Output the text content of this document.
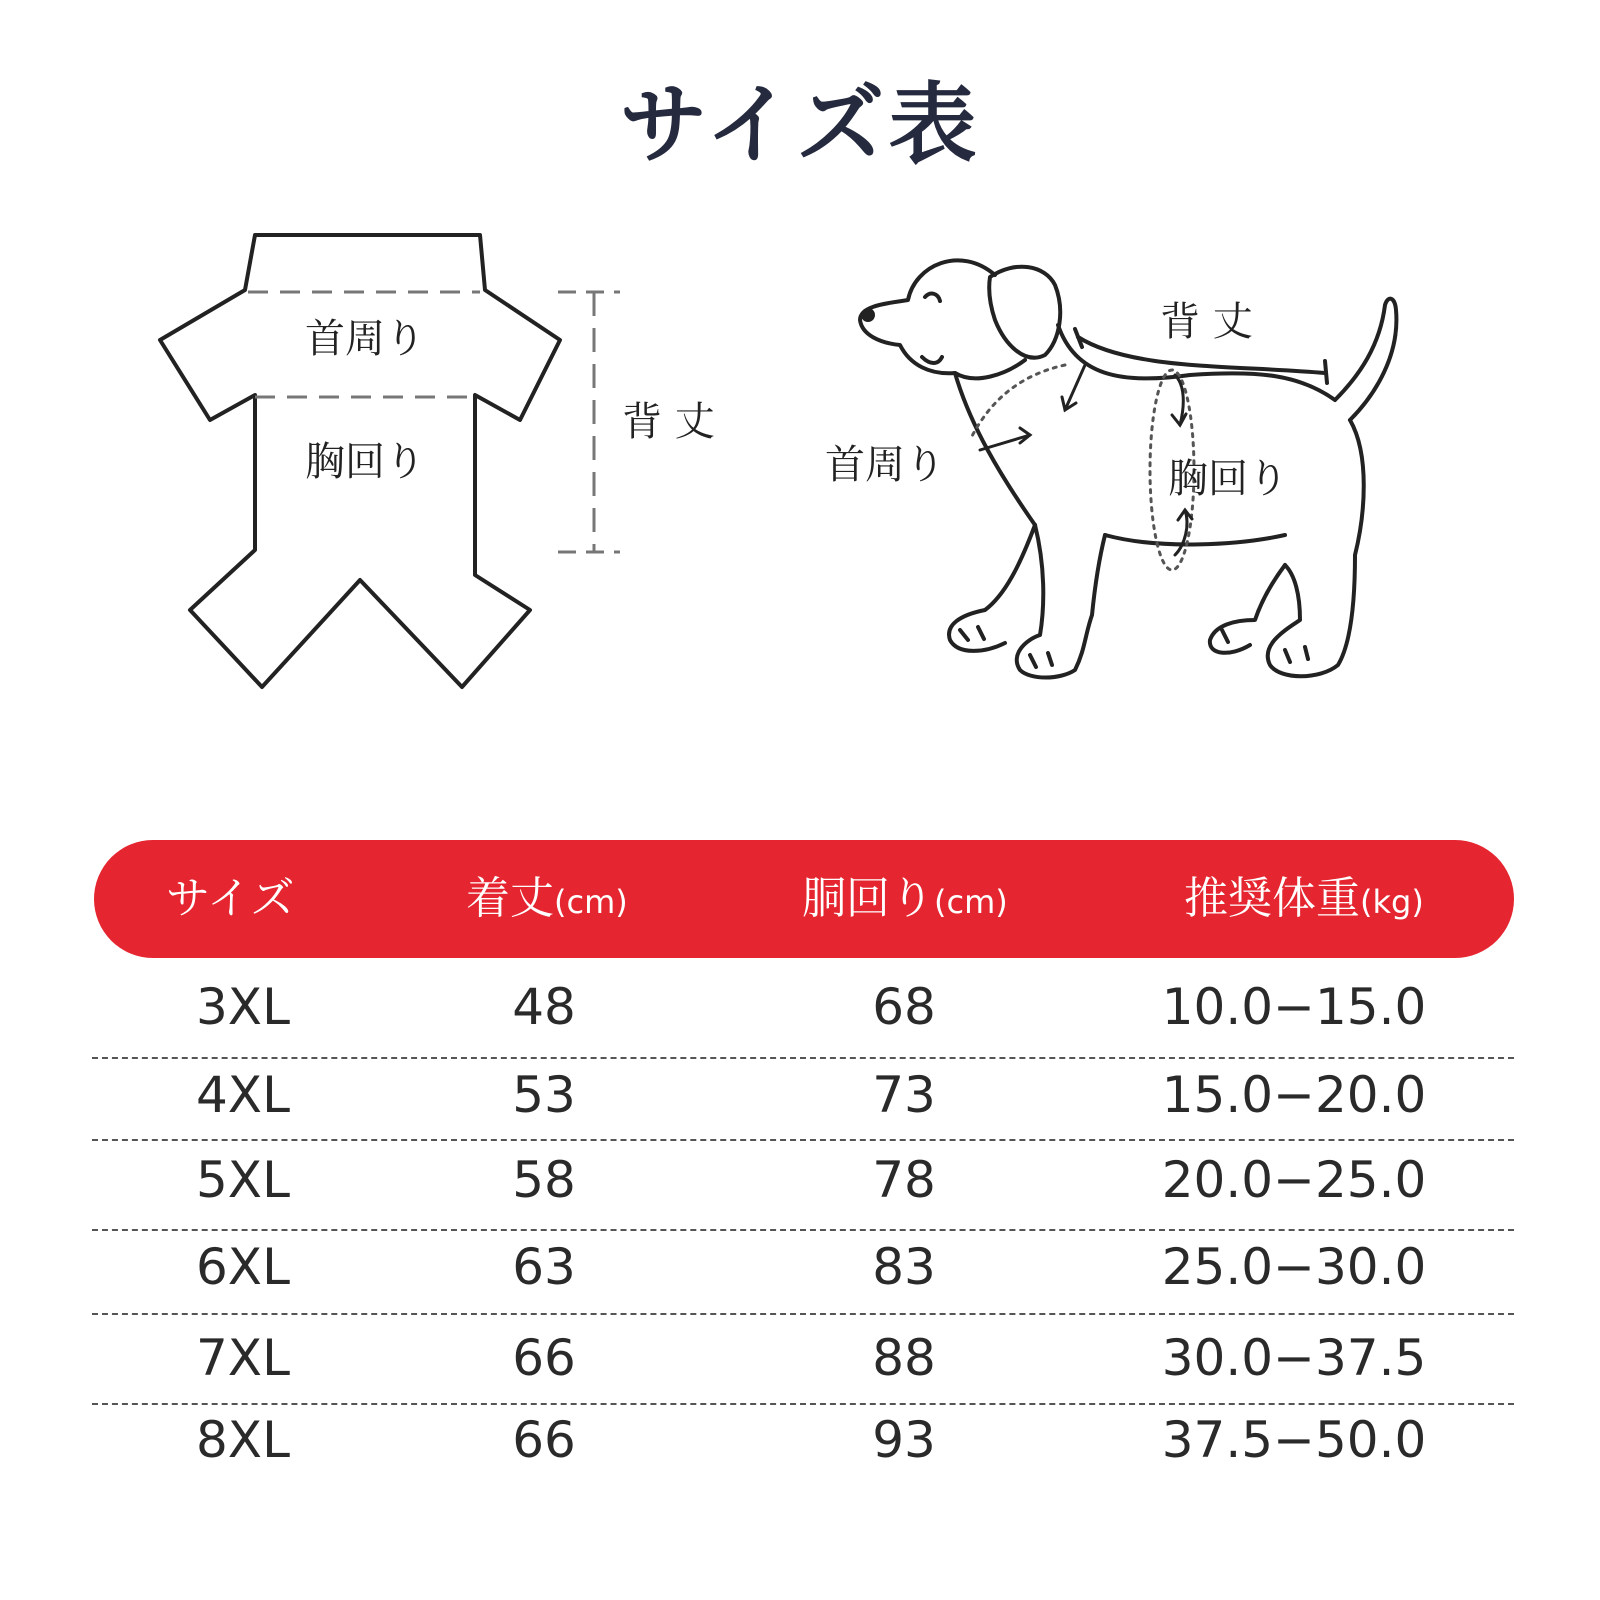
サイズ表
首周り
胸回り
背 丈
背 丈
首周り	胸回り
サイズ	着丈(cm)	胴回り(cm)	推奨体重(kg)
3XL	48	68	10.0−15.0
4XL	53	73	15.0−20.0
5XL	58	78	20.0−25.0
6XL	63	83	25.0−30.0
7XL	66	88	30.0−37.5
8XL	66	93	37.5−50.0
